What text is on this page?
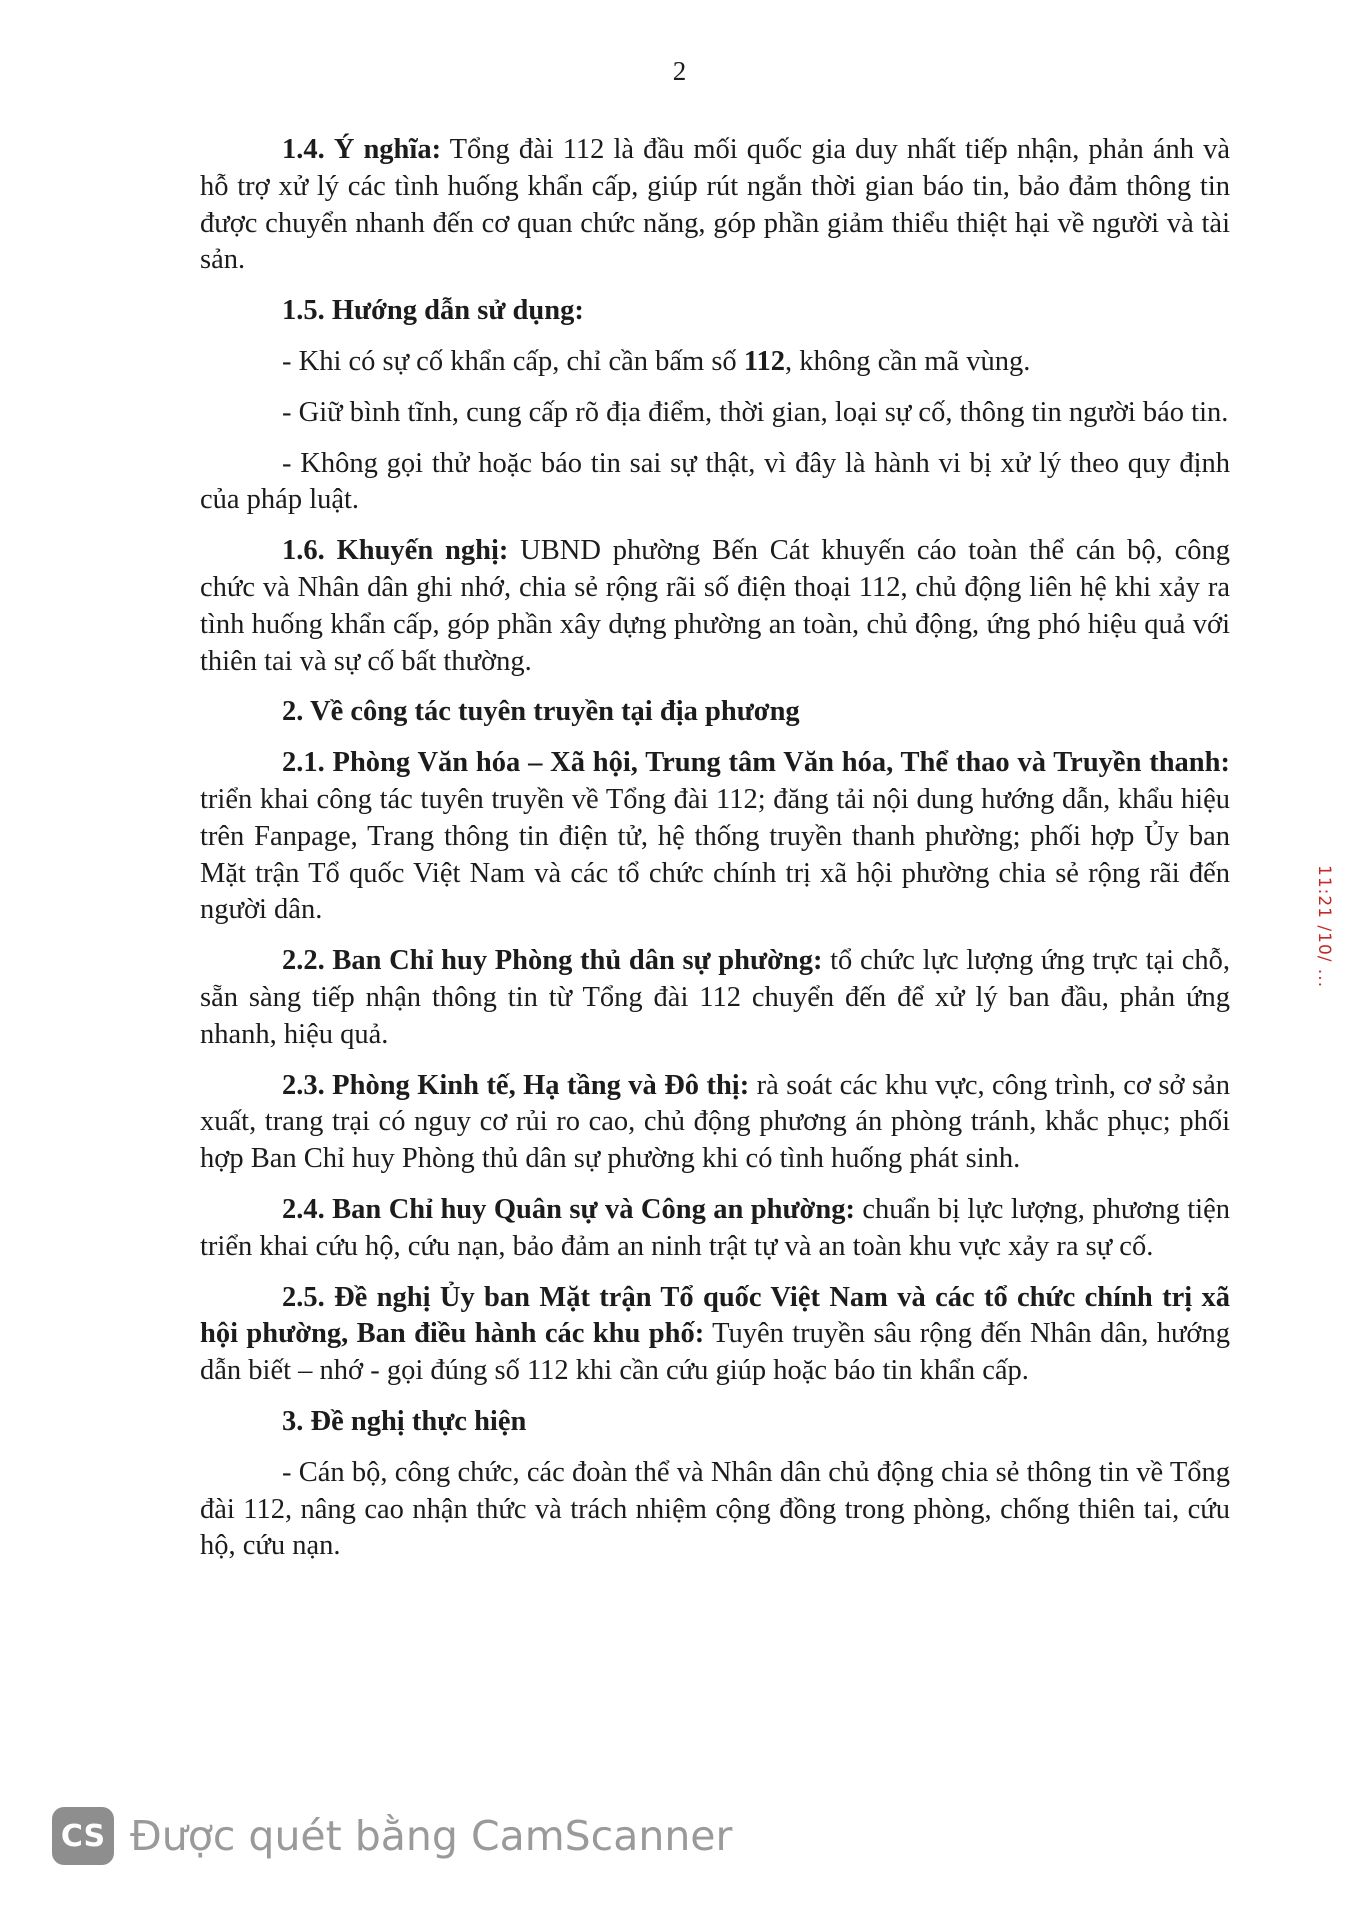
2

1.4. Ý nghĩa: Tổng đài 112 là đầu mối quốc gia duy nhất tiếp nhận, phản ánh và hỗ trợ xử lý các tình huống khẩn cấp, giúp rút ngắn thời gian báo tin, bảo đảm thông tin được chuyển nhanh đến cơ quan chức năng, góp phần giảm thiểu thiệt hại về người và tài sản.

1.5. Hướng dẫn sử dụng:

- Khi có sự cố khẩn cấp, chỉ cần bấm số 112, không cần mã vùng.

- Giữ bình tĩnh, cung cấp rõ địa điểm, thời gian, loại sự cố, thông tin người báo tin.

- Không gọi thử hoặc báo tin sai sự thật, vì đây là hành vi bị xử lý theo quy định của pháp luật.

1.6. Khuyến nghị: UBND phường Bến Cát khuyến cáo toàn thể cán bộ, công chức và Nhân dân ghi nhớ, chia sẻ rộng rãi số điện thoại 112, chủ động liên hệ khi xảy ra tình huống khẩn cấp, góp phần xây dựng phường an toàn, chủ động, ứng phó hiệu quả với thiên tai và sự cố bất thường.

2. Về công tác tuyên truyền tại địa phương

2.1. Phòng Văn hóa – Xã hội, Trung tâm Văn hóa, Thể thao và Truyền thanh: triển khai công tác tuyên truyền về Tổng đài 112; đăng tải nội dung hướng dẫn, khẩu hiệu trên Fanpage, Trang thông tin điện tử, hệ thống truyền thanh phường; phối hợp Ủy ban Mặt trận Tổ quốc Việt Nam và các tổ chức chính trị xã hội phường chia sẻ rộng rãi đến người dân.

2.2. Ban Chỉ huy Phòng thủ dân sự phường: tổ chức lực lượng ứng trực tại chỗ, sẵn sàng tiếp nhận thông tin từ Tổng đài 112 chuyển đến để xử lý ban đầu, phản ứng nhanh, hiệu quả.

2.3. Phòng Kinh tế, Hạ tầng và Đô thị: rà soát các khu vực, công trình, cơ sở sản xuất, trang trại có nguy cơ rủi ro cao, chủ động phương án phòng tránh, khắc phục; phối hợp Ban Chỉ huy Phòng thủ dân sự phường khi có tình huống phát sinh.

2.4. Ban Chỉ huy Quân sự và Công an phường: chuẩn bị lực lượng, phương tiện triển khai cứu hộ, cứu nạn, bảo đảm an ninh trật tự và an toàn khu vực xảy ra sự cố.

2.5. Đề nghị Ủy ban Mặt trận Tổ quốc Việt Nam và các tổ chức chính trị xã hội phường, Ban điều hành các khu phố: Tuyên truyền sâu rộng đến Nhân dân, hướng dẫn biết – nhớ - gọi đúng số 112 khi cần cứu giúp hoặc báo tin khẩn cấp.

3. Đề nghị thực hiện

- Cán bộ, công chức, các đoàn thể và Nhân dân chủ động chia sẻ thông tin về Tổng đài 112, nâng cao nhận thức và trách nhiệm cộng đồng trong phòng, chống thiên tai, cứu hộ, cứu nạn.

11:21 /10/ ...
CS Được quét bằng CamScanner
